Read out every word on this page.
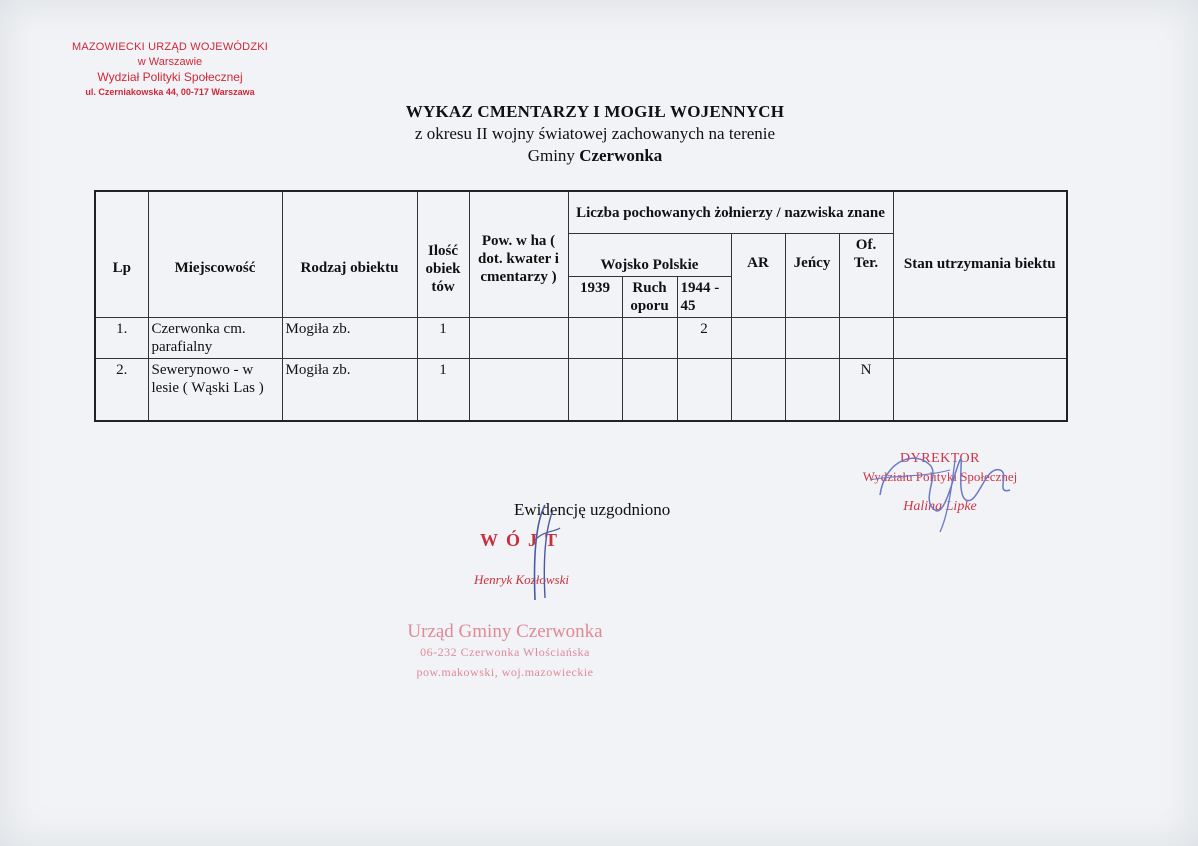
MAZOWIECKI URZĄD WOJEWÓDZKI
w Warszawie
Wydział Polityki Społecznej
ul. Czerniakowska 44, 00-717 Warszawa
WYKAZ CMENTARZY I MOGIŁ WOJENNYCH
z okresu II wojny światowej zachowanych na terenie
Gminy Czerwonka
Lp	Miejscowość	Rodzaj obiektu	Ilość obiek tów	Pow. w ha ( dot. kwater i cmentarzy )	Liczba pochowanych żołnierzy / nazwiska znane						Stan utrzymania biektu
					Wojsko Polskie			AR	Jeńcy	Of. Ter.	
					1939	Ruch oporu	1944 - 45				
1.	Czerwonka cm. parafialny	Mogiła zb.	1				2				
2.	Sewerynowo - w lesie ( Wąski Las )	Mogiła zb.	1							N	
DYREKTOR
Wydziału Polityki Społecznej
Halina Lipke
Ewidencję uzgodniono
WÓJT
Henryk Kozłowski
Urząd Gminy Czerwonka
06-232 Czerwonka Włościańska
pow.makowski, woj.mazowieckie
